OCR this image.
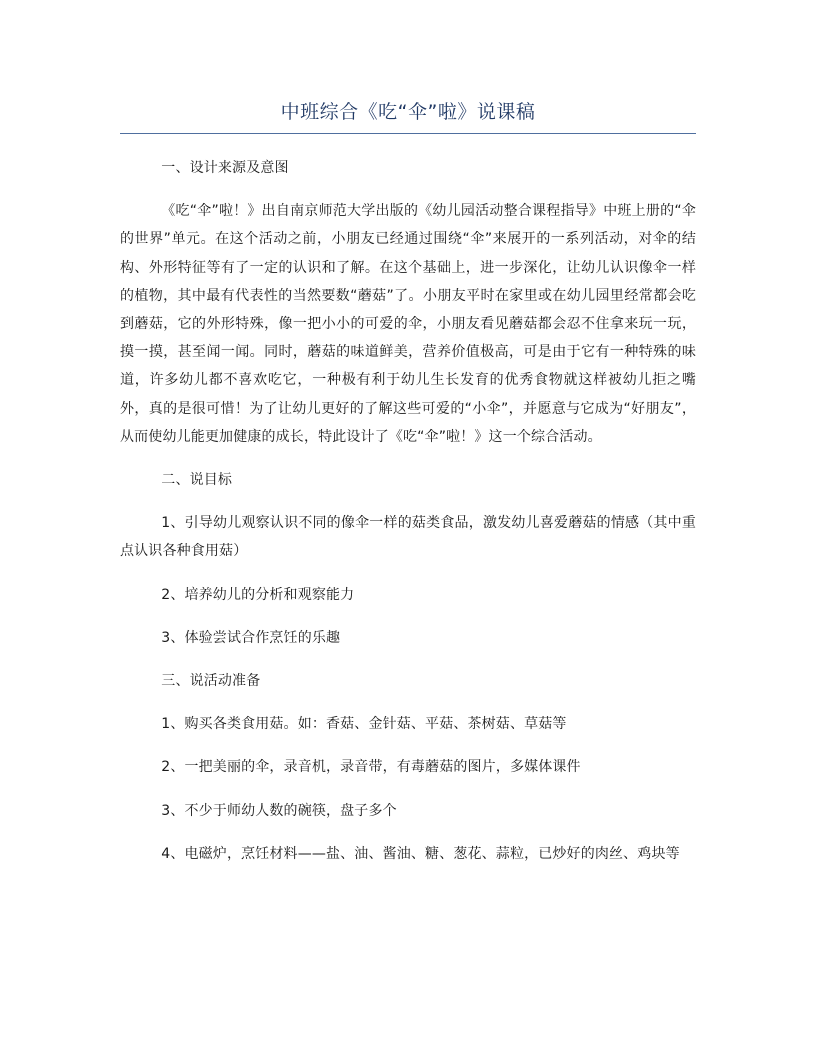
中班综合《吃“伞”啦》说课稿

一、设计来源及意图

《吃“伞”啦！》出自南京师范大学出版的《幼儿园活动整合课程指导》中班上册的“伞的世界”单元。在这个活动之前，小朋友已经通过围绕“伞”来展开的一系列活动，对伞的结构、外形特征等有了一定的认识和了解。在这个基础上，进一步深化，让幼儿认识像伞一样的植物，其中最有代表性的当然要数“蘑菇”了。小朋友平时在家里或在幼儿园里经常都会吃到蘑菇，它的外形特殊，像一把小小的可爱的伞，小朋友看见蘑菇都会忍不住拿来玩一玩，摸一摸，甚至闻一闻。同时，蘑菇的味道鲜美，营养价值极高，可是由于它有一种特殊的味道，许多幼儿都不喜欢吃它，一种极有利于幼儿生长发育的优秀食物就这样被幼儿拒之嘴外，真的是很可惜！为了让幼儿更好的了解这些可爱的“小伞”，并愿意与它成为“好朋友”，从而使幼儿能更加健康的成长，特此设计了《吃“伞”啦！》这一个综合活动。

二、说目标

1、引导幼儿观察认识不同的像伞一样的菇类食品，激发幼儿喜爱蘑菇的情感（其中重点认识各种食用菇）

2、培养幼儿的分析和观察能力

3、体验尝试合作烹饪的乐趣

三、说活动准备

1、购买各类食用菇。如：香菇、金针菇、平菇、茶树菇、草菇等

2、一把美丽的伞，录音机，录音带，有毒蘑菇的图片，多媒体课件

3、不少于师幼人数的碗筷，盘子多个

4、电磁炉，烹饪材料——盐、油、酱油、糖、葱花、蒜粒，已炒好的肉丝、鸡块等
